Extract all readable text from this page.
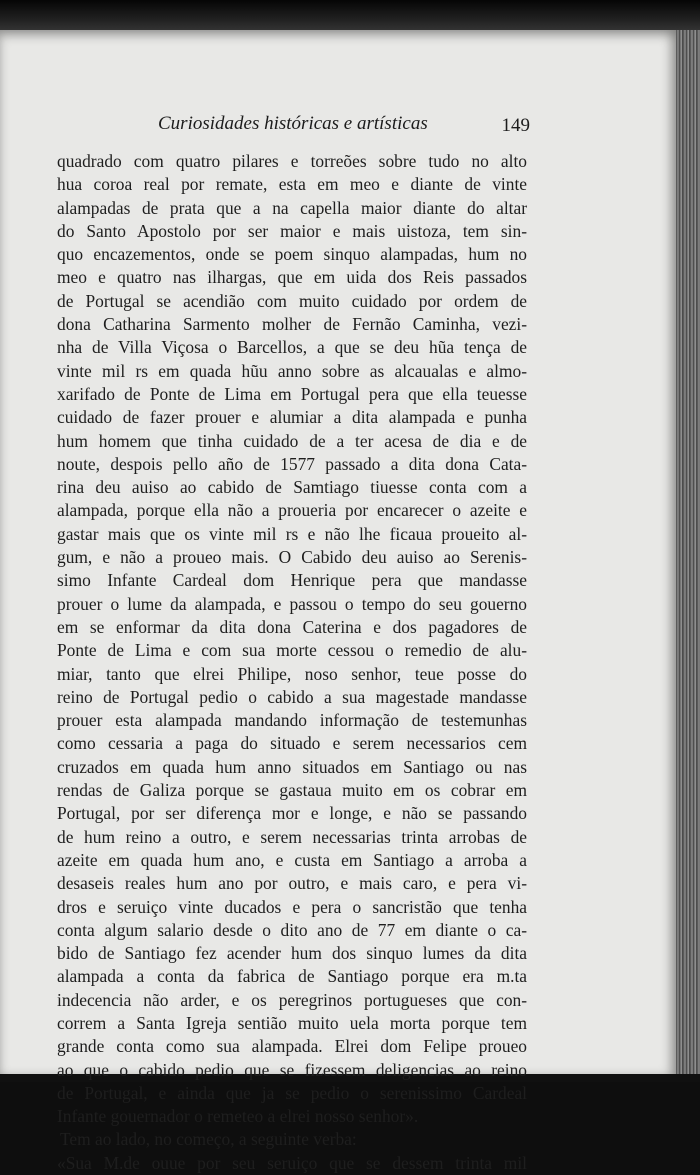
Curiosidades históricas e artísticas	149
quadrado com quatro pilares e torreões sobre tudo no alto
hua coroa real por remate, esta em meo e diante de vinte
alampadas de prata que a na capella maior diante do altar
do Santo Apostolo por ser maior e mais uistoza, tem sin-
quo encazementos, onde se poem sinquo alampadas, hum no
meo e quatro nas ilhargas, que em uida dos Reis passados
de Portugal se acendião com muito cuidado por ordem de
dona Catharina Sarmento molher de Fernão Caminha, vezi-
nha de Villa Viçosa o Barcellos, a que se deu hũa tença de
vinte mil rs em quada hũu anno sobre as alcaualas e almo-
xarifado de Ponte de Lima em Portugal pera que ella teuesse
cuidado de fazer prouer e alumiar a dita alampada e punha
hum homem que tinha cuidado de a ter acesa de dia e de
noute, despois pello año de 1577 passado a dita dona Cata-
rina deu auiso ao cabido de Samtiago tiuesse conta com a
alampada, porque ella não a proueria por encarecer o azeite e
gastar mais que os vinte mil rs e não lhe ficaua proueito al-
gum, e não a proueo mais. O Cabido deu auiso ao Serenis-
simo Infante Cardeal dom Henrique pera que mandasse
prouer o lume da alampada, e passou o tempo do seu gouerno
em se enformar da dita dona Caterina e dos pagadores de
Ponte de Lima e com sua morte cessou o remedio de alu-
miar, tanto que elrei Philipe, noso senhor, teue posse do
reino de Portugal pedio o cabido a sua magestade mandasse
prouer esta alampada mandando informação de testemunhas
como cessaria a paga do situado e serem necessarios cem
cruzados em quada hum anno situados em Santiago ou nas
rendas de Galiza porque se gastaua muito em os cobrar em
Portugal, por ser diferença mor e longe, e não se passando
de hum reino a outro, e serem necessarias trinta arrobas de
azeite em quada hum ano, e custa em Santiago a arroba a
desaseis reales hum ano por outro, e mais caro, e pera vi-
dros e seruiço vinte ducados e pera o sancristão que tenha
conta algum salario desde o dito ano de 77 em diante o ca-
bido de Santiago fez acender hum dos sinquo lumes da dita
alampada a conta da fabrica de Santiago porque era m.ta
indecencia não arder, e os peregrinos portugueses que con-
correm a Santa Igreja sentião muito uela morta porque tem
grande conta como sua alampada. Elrei dom Felipe proueo
ao que o cabido pedio que se fizessem deligencias ao reino
de Portugal, e ainda que ja se pedio o serenissimo Cardeal
Infante gouernador o remeteo a elrei nosso senhor».
Tem ao lado, no começo, a seguinte verba:
«Sua M.de ouue por seu seruiço que se dessem trinta mil
